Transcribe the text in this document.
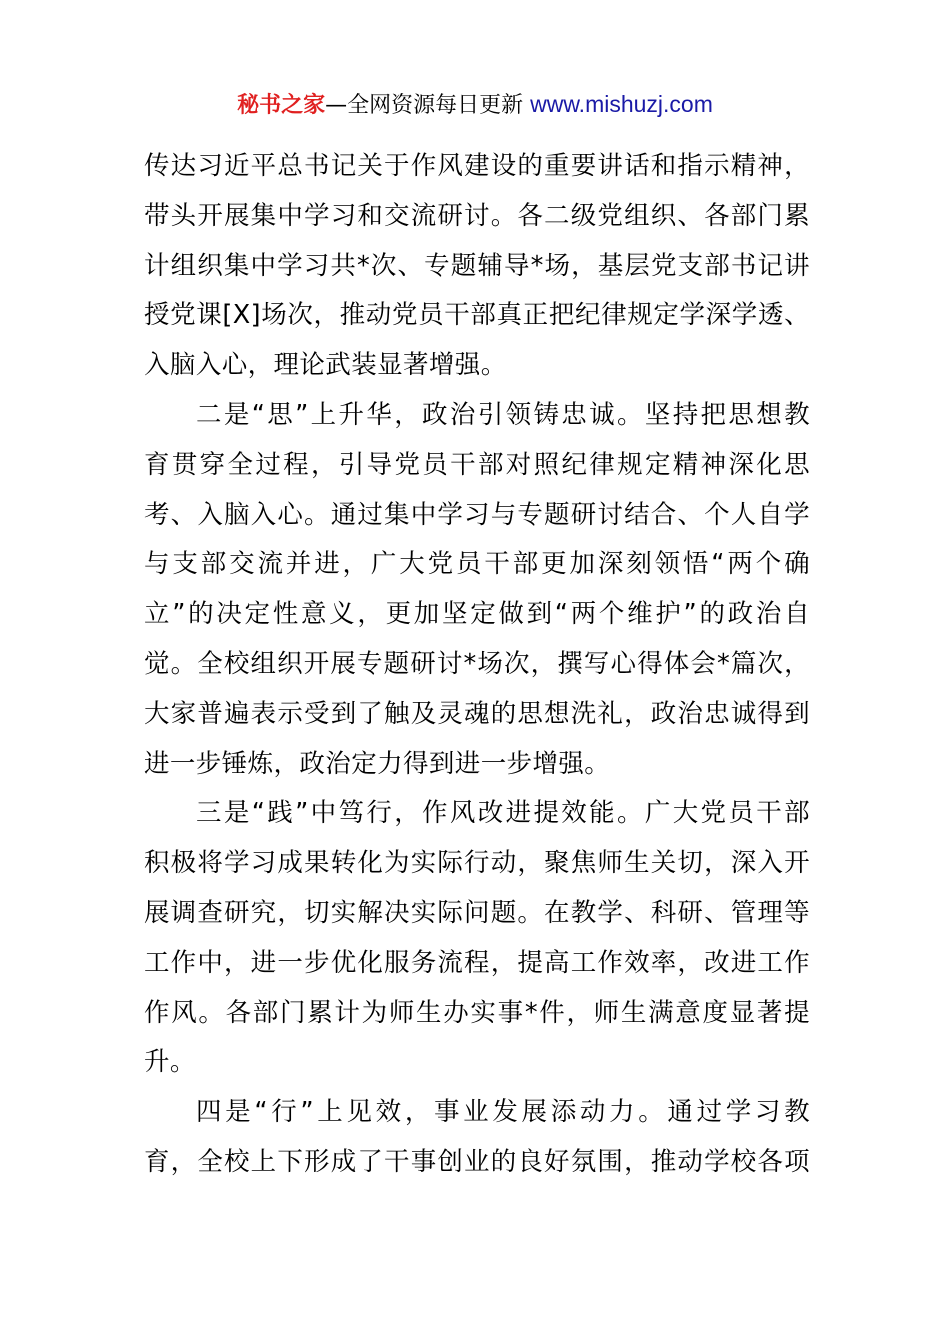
秘书之家—全网资源每日更新 www.mishuzj.com
传达习近平总书记关于作风建设的重要讲话和指示精神，
带头开展集中学习和交流研讨。各二级党组织、各部门累
计组织集中学习共*次、专题辅导*场，基层党支部书记讲
授党课[X]场次，推动党员干部真正把纪律规定学深学透、
入脑入心，理论武装显著增强。
二是“思”上升华，政治引领铸忠诚。坚持把思想教
育贯穿全过程，引导党员干部对照纪律规定精神深化思
考、入脑入心。通过集中学习与专题研讨结合、个人自学
与支部交流并进，广大党员干部更加深刻领悟“两个确
立”的决定性意义，更加坚定做到“两个维护”的政治自
觉。全校组织开展专题研讨*场次，撰写心得体会*篇次，
大家普遍表示受到了触及灵魂的思想洗礼，政治忠诚得到
进一步锤炼，政治定力得到进一步增强。
三是“践”中笃行，作风改进提效能。广大党员干部
积极将学习成果转化为实际行动，聚焦师生关切，深入开
展调查研究，切实解决实际问题。在教学、科研、管理等
工作中，进一步优化服务流程，提高工作效率，改进工作
作风。各部门累计为师生办实事*件，师生满意度显著提
升。
四是“行”上见效，事业发展添动力。通过学习教
育，全校上下形成了干事创业的良好氛围，推动学校各项
